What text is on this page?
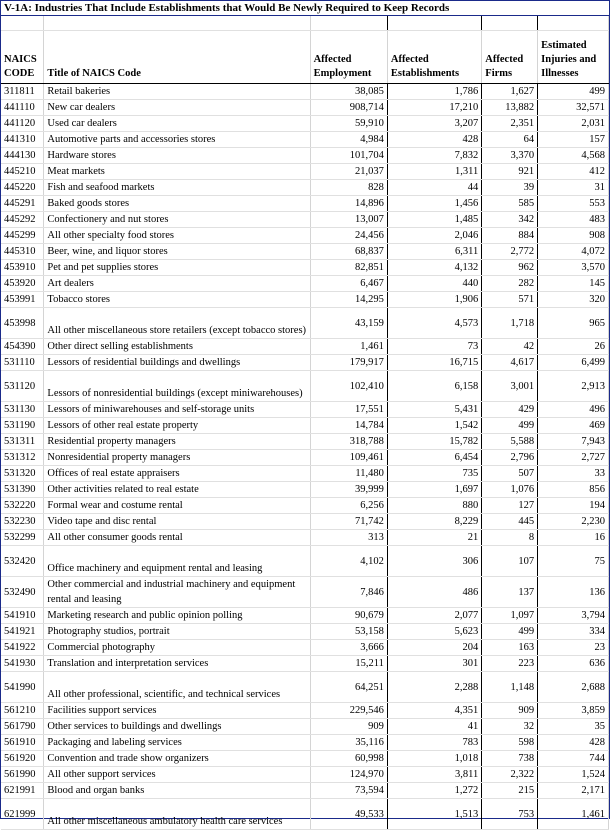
V-1A: Industries That Include Establishments that Would Be Newly Required to Keep Records

NAICS CODE	Title of NAICS Code	Affected Employment	Affected Establishments	Affected Firms	Estimated Injuries and Illnesses
311811	Retail bakeries	38,085	1,786	1,627	499
441110	New car dealers	908,714	17,210	13,882	32,571
441120	Used car dealers	59,910	3,207	2,351	2,031
441310	Automotive parts and accessories stores	4,984	428	64	157
444130	Hardware stores	101,704	7,832	3,370	4,568
445210	Meat markets	21,037	1,311	921	412
445220	Fish and seafood markets	828	44	39	31
445291	Baked goods stores	14,896	1,456	585	553
445292	Confectionery and nut stores	13,007	1,485	342	483
445299	All other specialty food stores	24,456	2,046	884	908
445310	Beer, wine, and liquor stores	68,837	6,311	2,772	4,072
453910	Pet and pet supplies stores	82,851	4,132	962	3,570
453920	Art dealers	6,467	440	282	145
453991	Tobacco stores	14,295	1,906	571	320
453998	All other miscellaneous store retailers (except tobacco stores)	43,159	4,573	1,718	965
454390	Other direct selling establishments	1,461	73	42	26
531110	Lessors of residential buildings and dwellings	179,917	16,715	4,617	6,499
531120	Lessors of nonresidential buildings (except miniwarehouses)	102,410	6,158	3,001	2,913
531130	Lessors of miniwarehouses and self-storage units	17,551	5,431	429	496
531190	Lessors of other real estate property	14,784	1,542	499	469
531311	Residential property managers	318,788	15,782	5,588	7,943
531312	Nonresidential property managers	109,461	6,454	2,796	2,727
531320	Offices of real estate appraisers	11,480	735	507	33
531390	Other activities related to real estate	39,999	1,697	1,076	856
532220	Formal wear and costume rental	6,256	880	127	194
532230	Video tape and disc rental	71,742	8,229	445	2,230
532299	All other consumer goods rental	313	21	8	16
532420	Office machinery and equipment rental and leasing	4,102	306	107	75
532490	Other commercial and industrial machinery and equipment rental and leasing	7,846	486	137	136
541910	Marketing research and public opinion polling	90,679	2,077	1,097	3,794
541921	Photography studios, portrait	53,158	5,623	499	334
541922	Commercial photography	3,666	204	163	23
541930	Translation and interpretation services	15,211	301	223	636
541990	All other professional, scientific, and technical services	64,251	2,288	1,148	2,688
561210	Facilities support services	229,546	4,351	909	3,859
561790	Other services to buildings and dwellings	909	41	32	35
561910	Packaging and labeling services	35,116	783	598	428
561920	Convention and trade show organizers	60,998	1,018	738	744
561990	All other support services	124,970	3,811	2,322	1,524
621991	Blood and organ banks	73,594	1,272	215	2,171
621999	All other miscellaneous ambulatory health care services	49,533	1,513	753	1,461
